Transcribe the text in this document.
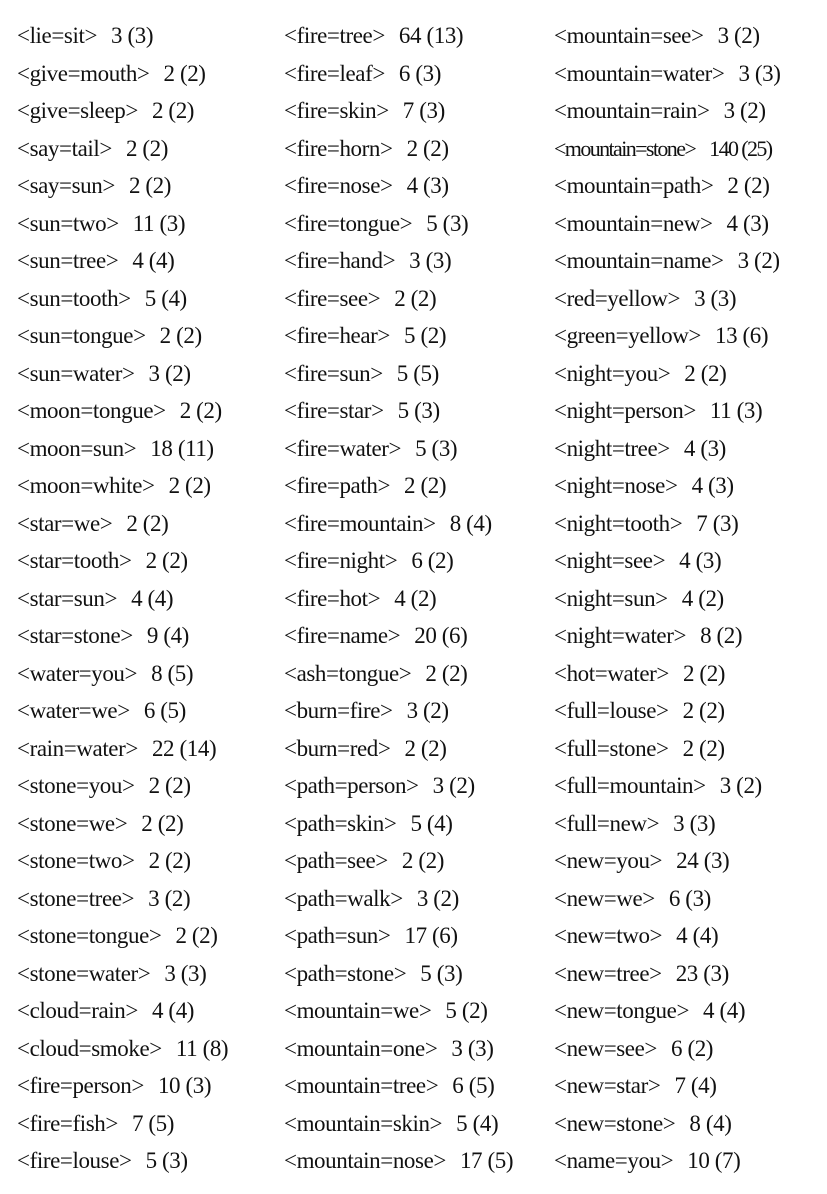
<lie=sit> 3 (3)
<give=mouth> 2 (2)
<give=sleep> 2 (2)
<say=tail> 2 (2)
<say=sun> 2 (2)
<sun=two> 11 (3)
<sun=tree> 4 (4)
<sun=tooth> 5 (4)
<sun=tongue> 2 (2)
<sun=water> 3 (2)
<moon=tongue> 2 (2)
<moon=sun> 18 (11)
<moon=white> 2 (2)
<star=we> 2 (2)
<star=tooth> 2 (2)
<star=sun> 4 (4)
<star=stone> 9 (4)
<water=you> 8 (5)
<water=we> 6 (5)
<rain=water> 22 (14)
<stone=you> 2 (2)
<stone=we> 2 (2)
<stone=two> 2 (2)
<stone=tree> 3 (2)
<stone=tongue> 2 (2)
<stone=water> 3 (3)
<cloud=rain> 4 (4)
<cloud=smoke> 11 (8)
<fire=person> 10 (3)
<fire=fish> 7 (5)
<fire=louse> 5 (3)
<fire=tree> 64 (13)
<fire=leaf> 6 (3)
<fire=skin> 7 (3)
<fire=horn> 2 (2)
<fire=nose> 4 (3)
<fire=tongue> 5 (3)
<fire=hand> 3 (3)
<fire=see> 2 (2)
<fire=hear> 5 (2)
<fire=sun> 5 (5)
<fire=star> 5 (3)
<fire=water> 5 (3)
<fire=path> 2 (2)
<fire=mountain> 8 (4)
<fire=night> 6 (2)
<fire=hot> 4 (2)
<fire=name> 20 (6)
<ash=tongue> 2 (2)
<burn=fire> 3 (2)
<burn=red> 2 (2)
<path=person> 3 (2)
<path=skin> 5 (4)
<path=see> 2 (2)
<path=walk> 3 (2)
<path=sun> 17 (6)
<path=stone> 5 (3)
<mountain=we> 5 (2)
<mountain=one> 3 (3)
<mountain=tree> 6 (5)
<mountain=skin> 5 (4)
<mountain=nose> 17 (5)
<mountain=see> 3 (2)
<mountain=water> 3 (3)
<mountain=rain> 3 (2)
<mountain=stone> 140 (25)
<mountain=path> 2 (2)
<mountain=new> 4 (3)
<mountain=name> 3 (2)
<red=yellow> 3 (3)
<green=yellow> 13 (6)
<night=you> 2 (2)
<night=person> 11 (3)
<night=tree> 4 (3)
<night=nose> 4 (3)
<night=tooth> 7 (3)
<night=see> 4 (3)
<night=sun> 4 (2)
<night=water> 8 (2)
<hot=water> 2 (2)
<full=louse> 2 (2)
<full=stone> 2 (2)
<full=mountain> 3 (2)
<full=new> 3 (3)
<new=you> 24 (3)
<new=we> 6 (3)
<new=two> 4 (4)
<new=tree> 23 (3)
<new=tongue> 4 (4)
<new=see> 6 (2)
<new=star> 7 (4)
<new=stone> 8 (4)
<name=you> 10 (7)
